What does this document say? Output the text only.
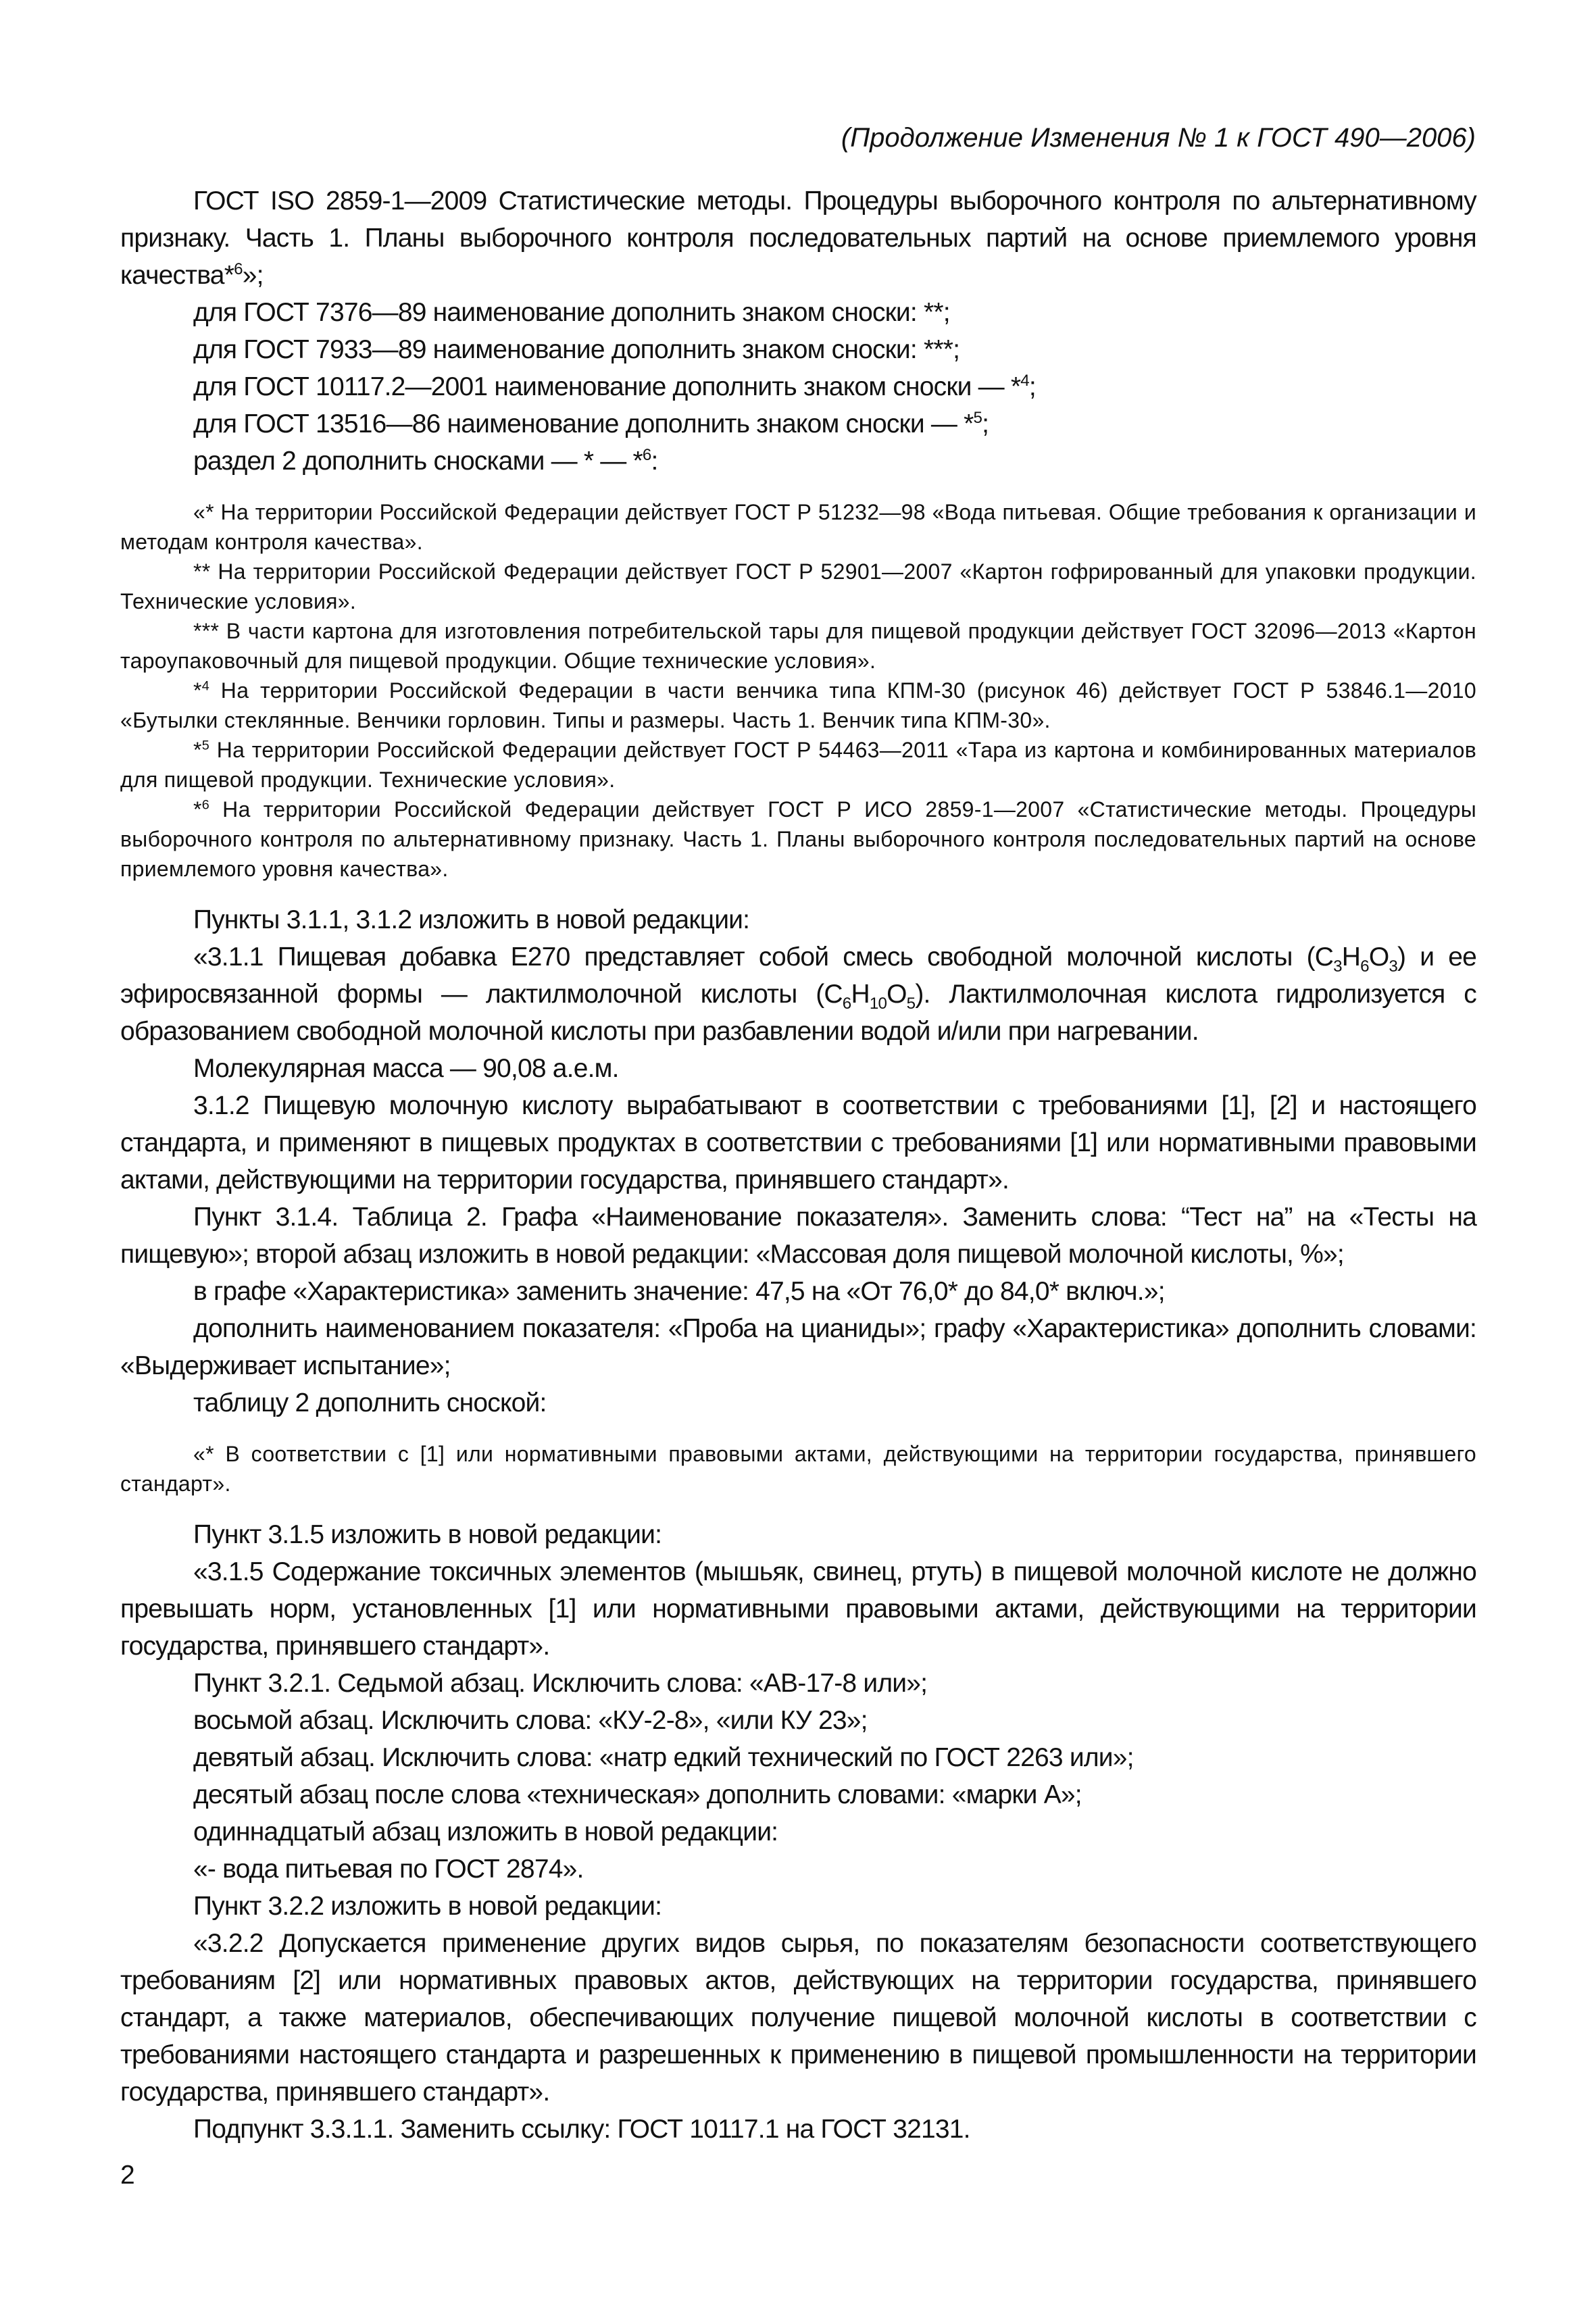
(Продолжение Изменения № 1 к ГОСТ 490—2006)

ГОСТ ISO 2859-1—2009 Статистические методы. Процедуры выборочного контроля по альтернативному признаку. Часть 1. Планы выборочного контроля последовательных партий на основе приемлемого уровня качества*$^6$»;

для ГОСТ 7376—89 наименование дополнить знаком сноски: **;

для ГОСТ 7933—89 наименование дополнить знаком сноски: ***;

для ГОСТ 10117.2—2001 наименование дополнить знаком сноски — *$^4$;

для ГОСТ 13516—86 наименование дополнить знаком сноски — *$^5$;

раздел 2 дополнить сносками — * — *$^6$:

«* На территории Российской Федерации действует ГОСТ Р 51232—98 «Вода питьевая. Общие требования к организации и методам контроля качества».

** На территории Российской Федерации действует ГОСТ Р 52901—2007 «Картон гофрированный для упаковки продукции. Технические условия».

*** В части картона для изготовления потребительской тары для пищевой продукции действует ГОСТ 32096—2013 «Картон тароупаковочный для пищевой продукции. Общие технические условия».

*$^4$ На территории Российской Федерации в части венчика типа КПМ-30 (рисунок 46) действует ГОСТ Р 53846.1—2010 «Бутылки стеклянные. Венчики горловин. Типы и размеры. Часть 1. Венчик типа КПМ-30».

*$^5$ На территории Российской Федерации действует ГОСТ Р 54463—2011 «Тара из картона и комбинированных материалов для пищевой продукции. Технические условия».

*$^6$ На территории Российской Федерации действует ГОСТ Р ИСО 2859-1—2007 «Статистические методы. Процедуры выборочного контроля по альтернативному признаку. Часть 1. Планы выборочного контроля последовательных партий на основе приемлемого уровня качества».

Пункты 3.1.1, 3.1.2 изложить в новой редакции:

«3.1.1 Пищевая добавка Е270 представляет собой смесь свободной молочной кислоты $(C_3H_6O_3)$ и ее эфиросвязанной формы — лактилмолочной кислоты $(C_6H_{10}O_5)$. Лактилмолочная кислота гидролизуется с образованием свободной молочной кислоты при разбавлении водой и/или при нагревании.

Молекулярная масса — 90,08 а.е.м.

3.1.2 Пищевую молочную кислоту вырабатывают в соответствии с требованиями [1], [2] и настоящего стандарта, и применяют в пищевых продуктах в соответствии с требованиями [1] или нормативными правовыми актами, действующими на территории государства, принявшего стандарт».

Пункт 3.1.4. Таблица 2. Графа «Наименование показателя». Заменить слова: “Тест на” на «Тесты на пищевую»; второй абзац изложить в новой редакции: «Массовая доля пищевой молочной кислоты, %»;

в графе «Характеристика» заменить значение: 47,5 на «От 76,0* до 84,0* включ.»;

дополнить наименованием показателя: «Проба на цианиды»; графу «Характеристика» дополнить словами: «Выдерживает испытание»;

таблицу 2 дополнить сноской:

«* В соответствии с [1] или нормативными правовыми актами, действующими на территории государства, принявшего стандарт».

Пункт 3.1.5 изложить в новой редакции:

«3.1.5 Содержание токсичных элементов (мышьяк, свинец, ртуть) в пищевой молочной кислоте не должно превышать норм, установленных [1] или нормативными правовыми актами, действующими на территории государства, принявшего стандарт».

Пункт 3.2.1. Седьмой абзац. Исключить слова: «АВ-17-8 или»;

восьмой абзац. Исключить слова: «КУ-2-8», «или КУ 23»;

девятый абзац. Исключить слова: «натр едкий технический по ГОСТ 2263 или»;

десятый абзац после слова «техническая» дополнить словами: «марки А»;

одиннадцатый абзац изложить в новой редакции:

«- вода питьевая по ГОСТ 2874».

Пункт 3.2.2 изложить в новой редакции:

«3.2.2 Допускается применение других видов сырья, по показателям безопасности соответствующего требованиям [2] или нормативных правовых актов, действующих на территории государства, принявшего стандарт, а также материалов, обеспечивающих получение пищевой молочной кислоты в соответствии с требованиями настоящего стандарта и разрешенных к применению в пищевой промышленности на территории государства, принявшего стандарт».

Подпункт 3.3.1.1. Заменить ссылку: ГОСТ 10117.1 на ГОСТ 32131.

2
